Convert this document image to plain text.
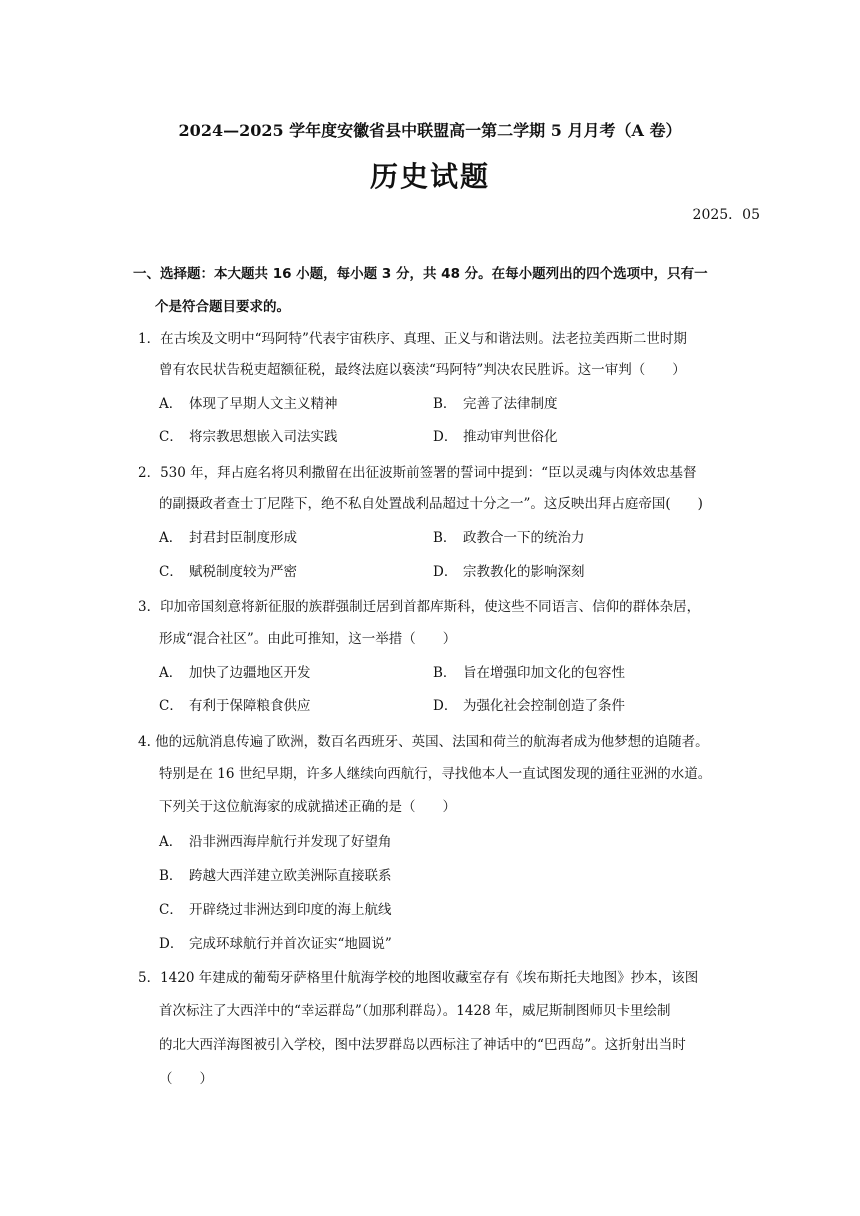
2024—2025 学年度安徽省县中联盟高一第二学期 5 月月考（A 卷）
历史试题
2025．05
一、选择题：本大题共 16 小题，每小题 3 分，共 48 分。在每小题列出的四个选项中，只有一
个是符合题目要求的。
1．在古埃及文明中“玛阿特”代表宇宙秩序、真理、正义与和谐法则。法老拉美西斯二世时期
曾有农民状告税吏超额征税，最终法庭以亵渎“玛阿特”判决农民胜诉。这一审判（　　）
A． 体现了早期人文主义精神	B． 完善了法律制度
C． 将宗教思想嵌入司法实践	D． 推动审判世俗化
2．530 年，拜占庭名将贝利撒留在出征波斯前签署的誓词中提到：“臣以灵魂与肉体效忠基督
的副摄政者查士丁尼陛下，绝不私自处置战利品超过十分之一”。这反映出拜占庭帝国(　　)
A． 封君封臣制度形成	B． 政教合一下的统治力
C． 赋税制度较为严密	D． 宗教教化的影响深刻
3．印加帝国刻意将新征服的族群强制迁居到首都库斯科，使这些不同语言、信仰的群体杂居，
形成“混合社区”。由此可推知，这一举措（　　）
A． 加快了边疆地区开发	B． 旨在增强印加文化的包容性
C． 有利于保障粮食供应	D． 为强化社会控制创造了条件
4. 他的远航消息传遍了欧洲，数百名西班牙、英国、法国和荷兰的航海者成为他梦想的追随者。
特别是在 16 世纪早期，许多人继续向西航行，寻找他本人一直试图发现的通往亚洲的水道。
下列关于这位航海家的成就描述正确的是（　　）
A． 沿非洲西海岸航行并发现了好望角
B． 跨越大西洋建立欧美洲际直接联系
C． 开辟绕过非洲达到印度的海上航线
D． 完成环球航行并首次证实“地圆说”
5．1420 年建成的葡萄牙萨格里什航海学校的地图收藏室存有《埃布斯托夫地图》抄本，该图
首次标注了大西洋中的“幸运群岛”（加那利群岛）。1428 年，威尼斯制图师贝卡里绘制
的北大西洋海图被引入学校，图中法罗群岛以西标注了神话中的“巴西岛”。这折射出当时
（　　）
